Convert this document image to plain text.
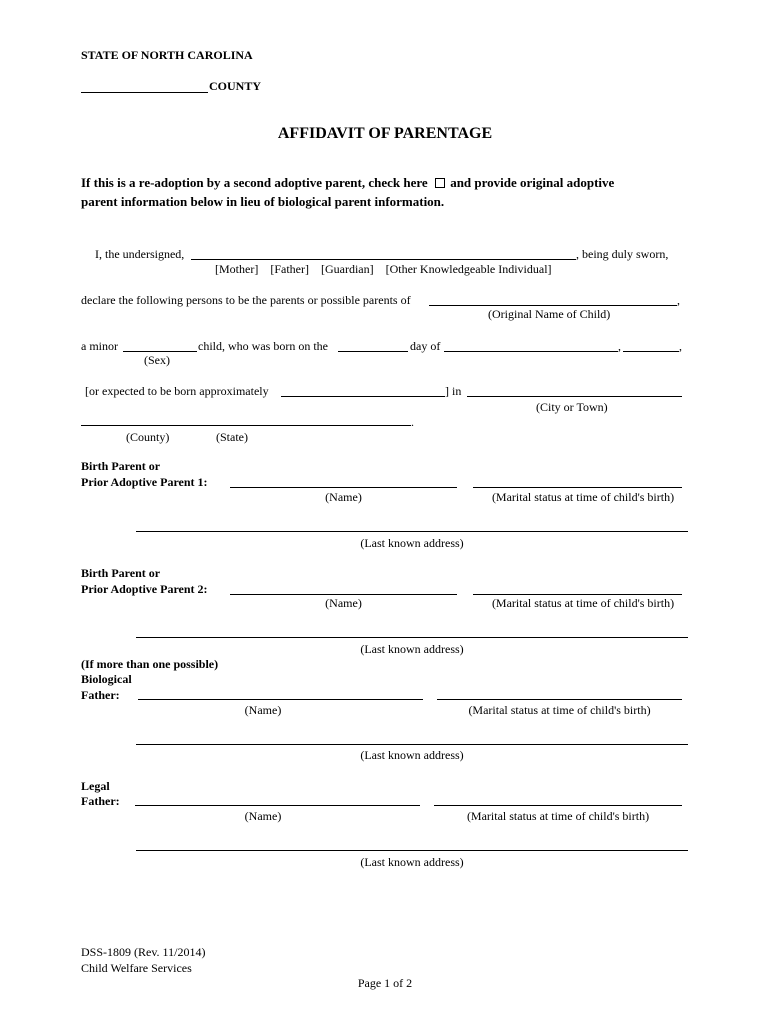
STATE OF NORTH CAROLINA
COUNTY
AFFIDAVIT OF PARENTAGE
If this is a re-adoption by a second adoptive parent, check here and provide original adoptive
parent information below in lieu of biological parent information.
I, the undersigned,	, being duly sworn,
[Mother]    [Father]    [Guardian]    [Other Knowledgeable Individual]
declare the following persons to be the parents or possible parents of	,
(Original Name of Child)
a minor	child, who was born on the	day of	,	,
(Sex)
[or expected to be born approximately	] in
(City or Town)
.
(County)	(State)
Birth Parent or
Prior Adoptive Parent 1:
(Name)	(Marital status at time of child's birth)
(Last known address)
Birth Parent or
Prior Adoptive Parent 2:
(Name)	(Marital status at time of child's birth)
(Last known address)
(If more than one possible)
Biological
Father:
(Name)	(Marital status at time of child's birth)
(Last known address)
Legal
Father:
(Name)	(Marital status at time of child's birth)
(Last known address)
DSS-1809 (Rev. 11/2014)
Child Welfare Services
Page 1 of 2
